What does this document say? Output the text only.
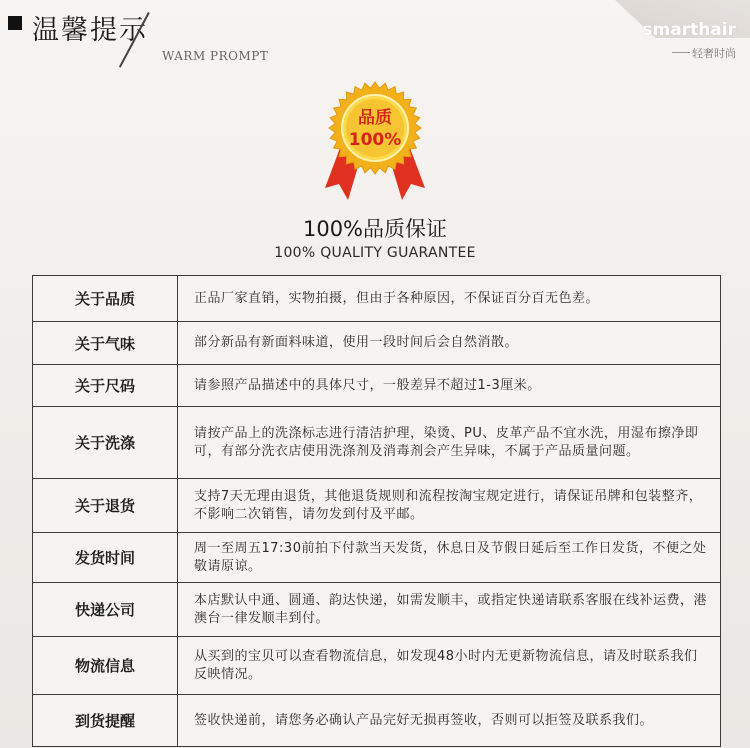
温馨提示
WARM PROMPT
smarthair
轻奢时尚
品质
100%
100%品质保证
100% QUALITY GUARANTEE
关于品质	正品厂家直销，实物拍摄，但由于各种原因，不保证百分百无色差。
关于气味	部分新品有新面料味道，使用一段时间后会自然消散。
关于尺码	请参照产品描述中的具体尺寸，一般差异不超过1-3厘米。
关于洗涤	请按产品上的洗涤标志进行清洁护理，染烫、PU、皮革产品不宜水洗，用湿布擦净即可，有部分洗衣店使用洗涤剂及消毒剂会产生异味，不属于产品质量问题。
关于退货	支持7天无理由退货，其他退货规则和流程按淘宝规定进行，请保证吊牌和包装整齐，不影响二次销售，请勿发到付及平邮。
发货时间	周一至周五17:30前拍下付款当天发货，休息日及节假日延后至工作日发货，不便之处敬请原谅。
快递公司	本店默认中通、圆通、韵达快递，如需发顺丰，或指定快递请联系客服在线补运费，港澳台一律发顺丰到付。
物流信息	从买到的宝贝可以查看物流信息，如发现48小时内无更新物流信息，请及时联系我们反映情况。
到货提醒	签收快递前，请您务必确认产品完好无损再签收，否则可以拒签及联系我们。
